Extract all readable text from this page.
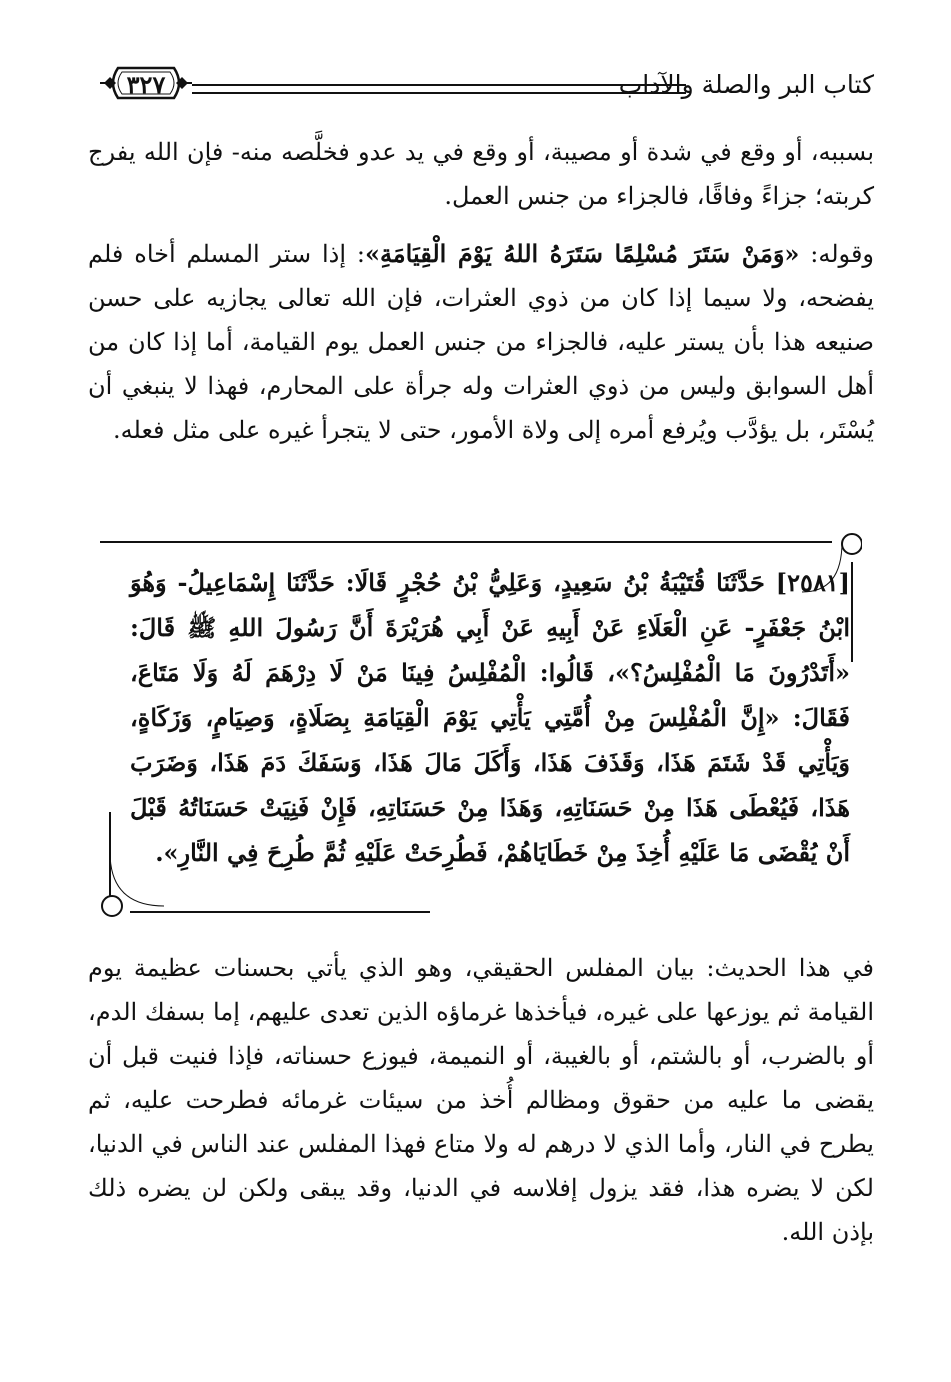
كتاب البر والصلة والآداب
٣٢٧
بسببه، أو وقع في شدة أو مصيبة، أو وقع في يد عدو فخلَّصه منه- فإن الله يفرج كربته؛ جزاءً وفاقًا، فالجزاء من جنس العمل.
وقوله: «وَمَنْ سَتَرَ مُسْلِمًا سَتَرَهُ اللهُ يَوْمَ الْقِيَامَةِ»: إذا ستر المسلم أخاه فلم يفضحه، ولا سيما إذا كان من ذوي العثرات، فإن الله تعالى يجازيه على حسن صنيعه هذا بأن يستر عليه، فالجزاء من جنس العمل يوم القيامة، أما إذا كان من أهل السوابق وليس من ذوي العثرات وله جرأة على المحارم، فهذا لا ينبغي أن يُسْتَر، بل يؤدَّب ويُرفع أمره إلى ولاة الأمور، حتى لا يتجرأ غيره على مثل فعله.
[٢٥٨١] حَدَّثَنَا قُتَيْبَةُ بْنُ سَعِيدٍ، وَعَلِيُّ بْنُ حُجْرٍ قَالَا: حَدَّثَنَا إِسْمَاعِيلُ- وَهُوَ ابْنُ جَعْفَرٍ- عَنِ الْعَلَاءِ عَنْ أَبِيهِ عَنْ أَبِي هُرَيْرَةَ أَنَّ رَسُولَ اللهِ ﷺ قَالَ: «أَتَدْرُونَ مَا الْمُفْلِسُ؟»، قَالُوا: الْمُفْلِسُ فِينَا مَنْ لَا دِرْهَمَ لَهُ وَلَا مَتَاعَ، فَقَالَ: «إِنَّ الْمُفْلِسَ مِنْ أُمَّتِي يَأْتِي يَوْمَ الْقِيَامَةِ بِصَلَاةٍ، وَصِيَامٍ، وَزَكَاةٍ، وَيَأْتِي قَدْ شَتَمَ هَذَا، وَقَذَفَ هَذَا، وَأَكَلَ مَالَ هَذَا، وَسَفَكَ دَمَ هَذَا، وَضَرَبَ هَذَا، فَيُعْطَى هَذَا مِنْ حَسَنَاتِهِ، وَهَذَا مِنْ حَسَنَاتِهِ، فَإِنْ فَنِيَتْ حَسَنَاتُهُ قَبْلَ أَنْ يُقْضَى مَا عَلَيْهِ أُخِذَ مِنْ خَطَايَاهُمْ، فَطُرِحَتْ عَلَيْهِ ثُمَّ طُرِحَ فِي النَّارِ».
في هذا الحديث: بيان المفلس الحقيقي، وهو الذي يأتي بحسنات عظيمة يوم القيامة ثم يوزعها على غيره، فيأخذها غرماؤه الذين تعدى عليهم، إما بسفك الدم، أو بالضرب، أو بالشتم، أو بالغيبة، أو النميمة، فيوزع حسناته، فإذا فنيت قبل أن يقضى ما عليه من حقوق ومظالم أُخذ من سيئات غرمائه فطرحت عليه، ثم يطرح في النار، وأما الذي لا درهم له ولا متاع فهذا المفلس عند الناس في الدنيا، لكن لا يضره هذا، فقد يزول إفلاسه في الدنيا، وقد يبقى ولكن لن يضره ذلك بإذن الله.
